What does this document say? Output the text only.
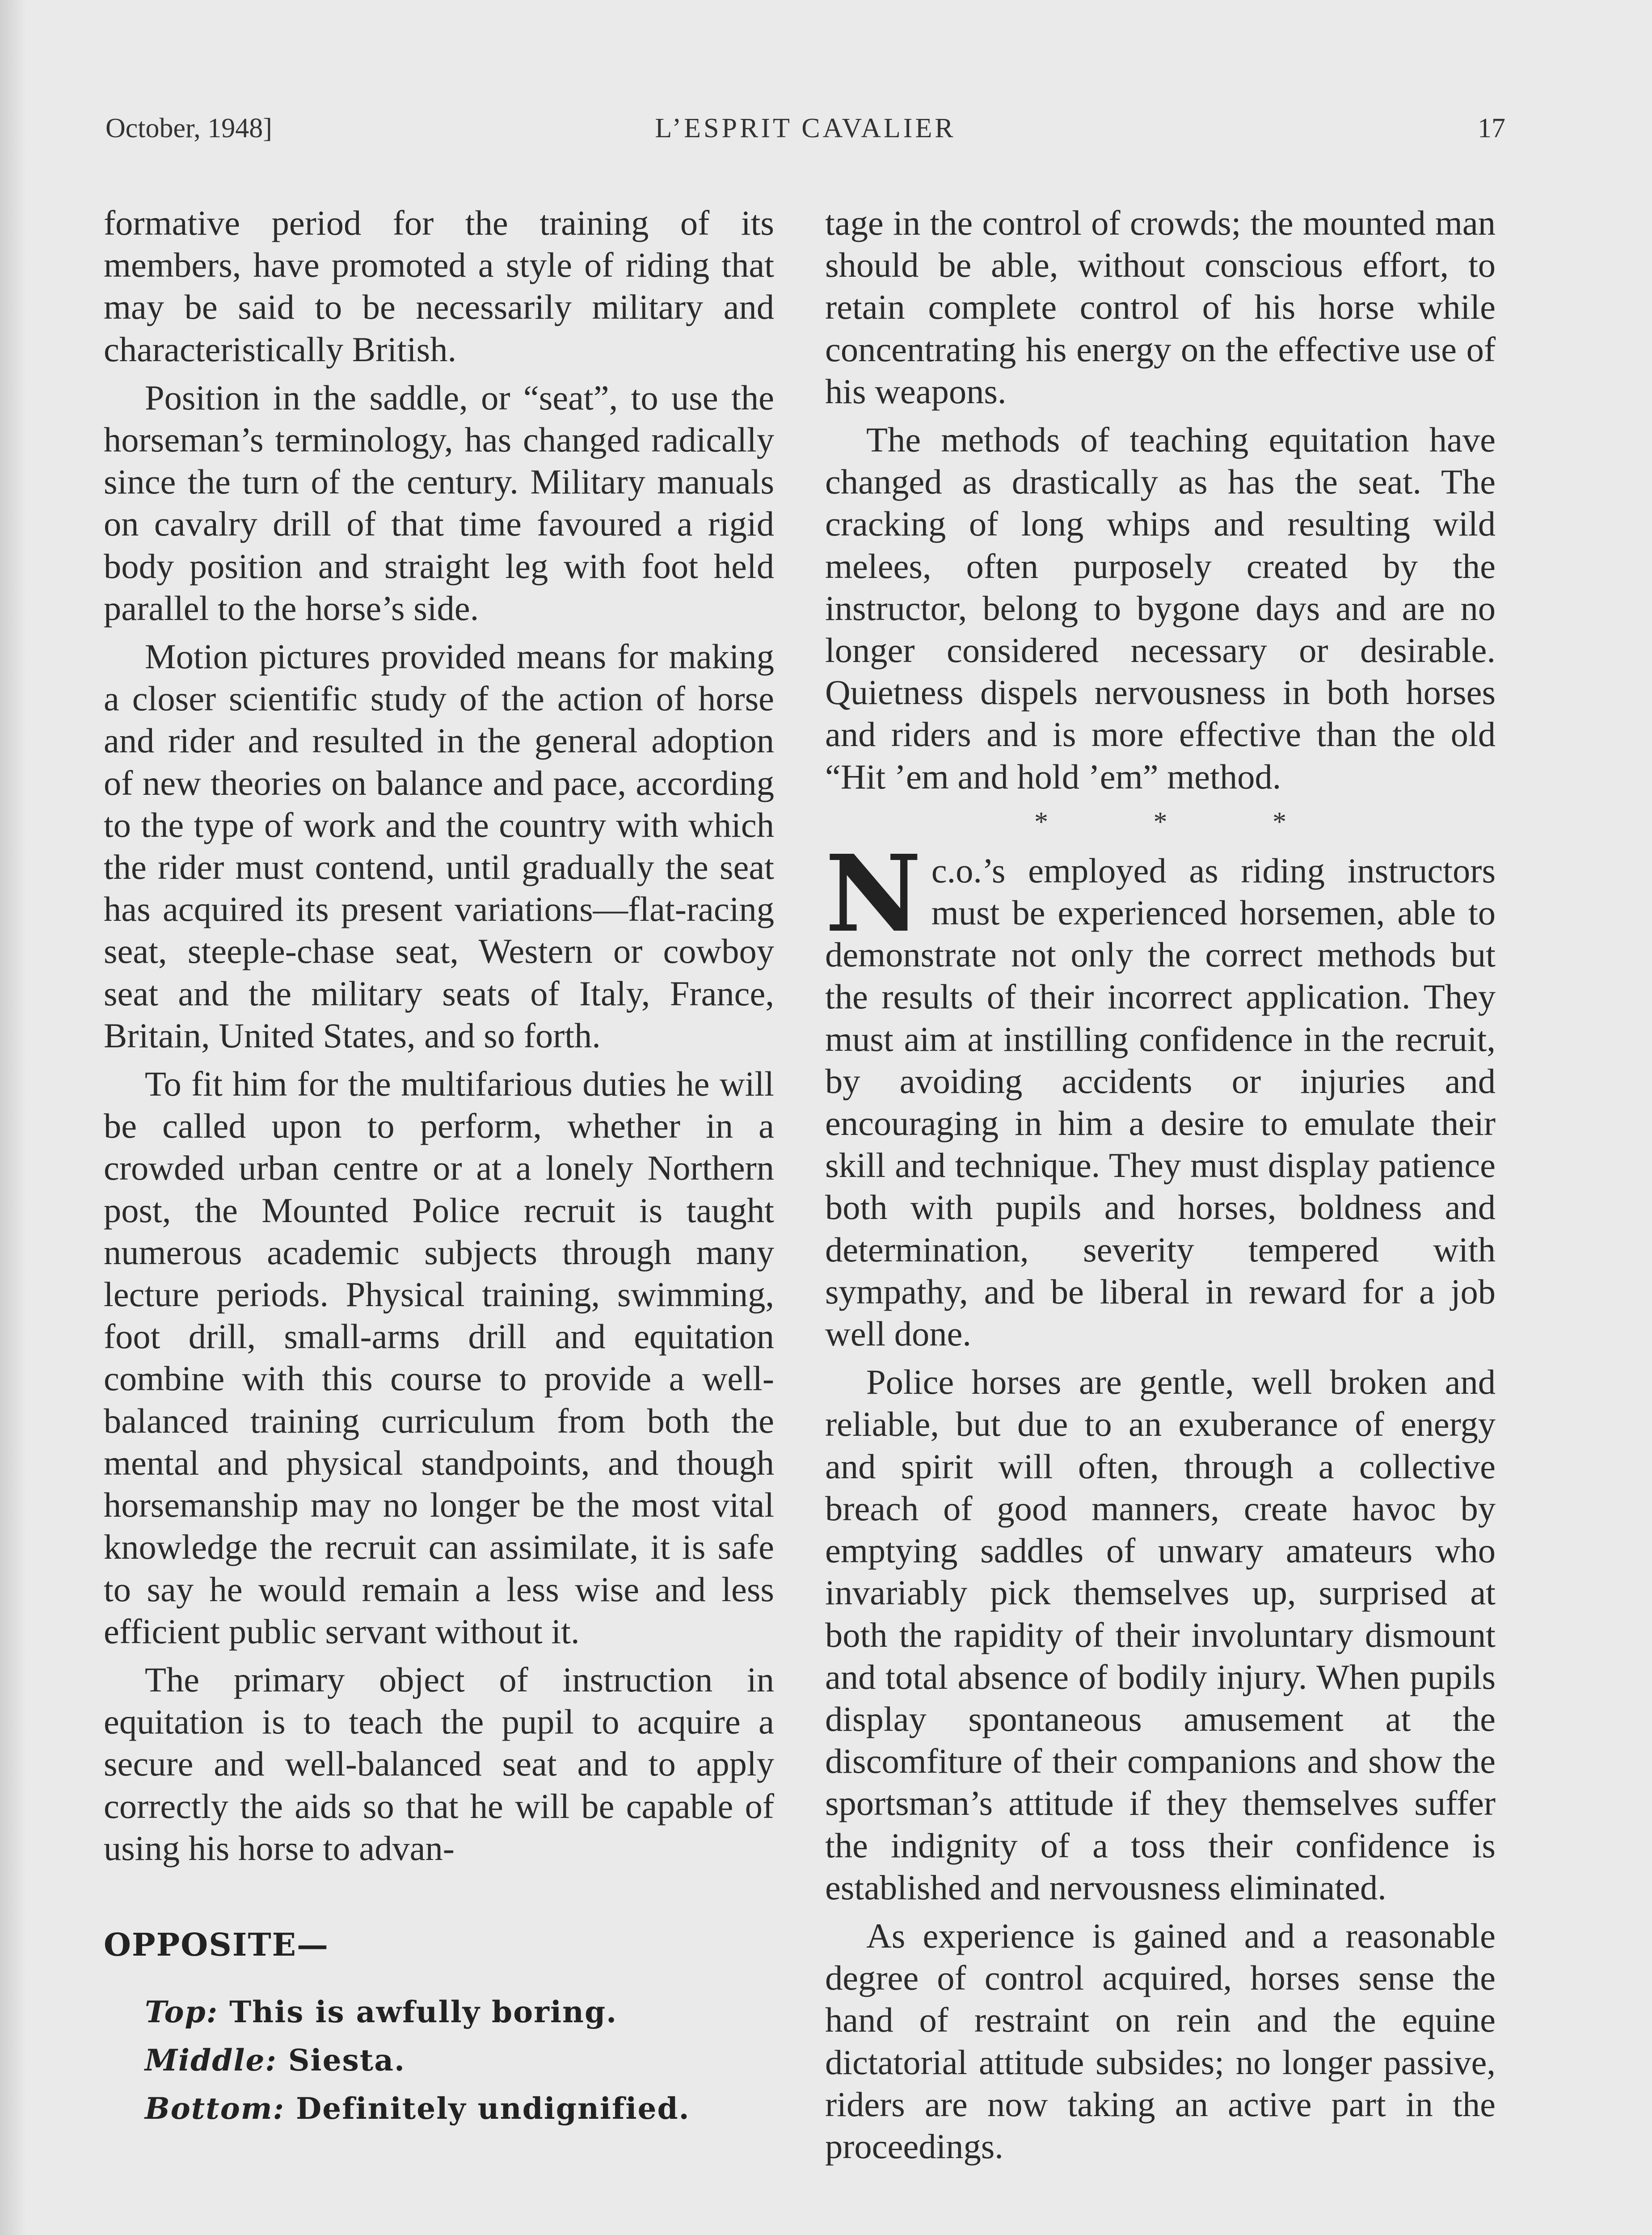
October, 1948]	L’ESPRIT CAVALIER	17

formative period for the training of its members, have promoted a style of riding that may be said to be necessarily military and characteristically British.

Position in the saddle, or “seat”, to use the horseman’s terminology, has changed radically since the turn of the century. Military manuals on cavalry drill of that time favoured a rigid body position and straight leg with foot held parallel to the horse’s side.

Motion pictures provided means for making a closer scientific study of the action of horse and rider and resulted in the general adoption of new theories on balance and pace, according to the type of work and the country with which the rider must contend, until gradually the seat has acquired its present variations—flat-racing seat, steeple-chase seat, Western or cowboy seat and the military seats of Italy, France, Britain, United States, and so forth.

To fit him for the multifarious duties he will be called upon to perform, whether in a crowded urban centre or at a lonely Northern post, the Mounted Police recruit is taught numerous academic subjects through many lecture periods. Physical training, swimming, foot drill, small-arms drill and equitation combine with this course to provide a well-balanced training curriculum from both the mental and physical standpoints, and though horsemanship may no longer be the most vital knowledge the recruit can assimilate, it is safe to say he would remain a less wise and less efficient public servant without it.

The primary object of instruction in equitation is to teach the pupil to acquire a secure and well-balanced seat and to apply correctly the aids so that he will be capable of using his horse to advan-

OPPOSITE—

Top: This is awfully boring.

Middle: Siesta.

Bottom: Definitely undignified.

tage in the control of crowds; the mounted man should be able, without conscious effort, to retain complete control of his horse while concentrating his energy on the effective use of his weapons.

The methods of teaching equitation have changed as drastically as has the seat. The cracking of long whips and resulting wild melees, often purposely created by the instructor, belong to bygone days and are no longer considered necessary or desirable. Quietness dispels nervousness in both horses and riders and is more effective than the old “Hit ’em and hold ’em” method.

* * *

N c.o.’s employed as riding instructors must be experienced horsemen, able to demonstrate not only the correct methods but the results of their incorrect application. They must aim at instilling confidence in the recruit, by avoiding accidents or injuries and encouraging in him a desire to emulate their skill and technique. They must display patience both with pupils and horses, boldness and determination, severity tempered with sympathy, and be liberal in reward for a job well done.

Police horses are gentle, well broken and reliable, but due to an exuberance of energy and spirit will often, through a collective breach of good manners, create havoc by emptying saddles of unwary amateurs who invariably pick themselves up, surprised at both the rapidity of their involuntary dismount and total absence of bodily injury. When pupils display spontaneous amusement at the discomfiture of their companions and show the sportsman’s attitude if they themselves suffer the indignity of a toss their confidence is established and nervousness eliminated.

As experience is gained and a reasonable degree of control acquired, horses sense the hand of restraint on rein and the equine dictatorial attitude subsides; no longer passive, riders are now taking an active part in the proceedings.
